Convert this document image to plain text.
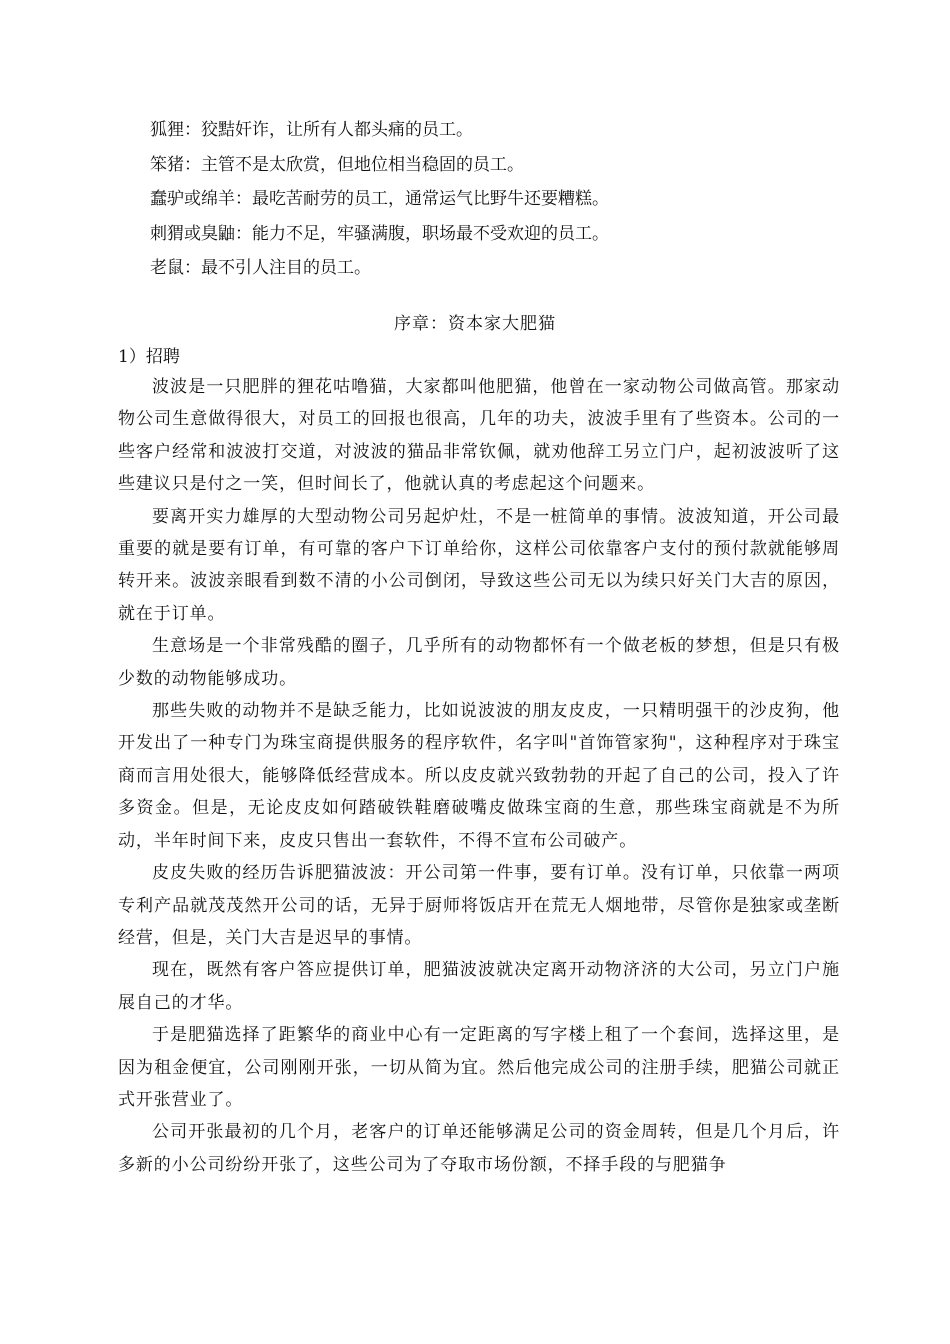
狐狸：狡黠奸诈，让所有人都头痛的员工。
笨猪：主管不是太欣赏，但地位相当稳固的员工。
蠢驴或绵羊：最吃苦耐劳的员工，通常运气比野牛还要糟糕。
刺猬或臭鼬：能力不足，牢骚满腹，职场最不受欢迎的员工。
老鼠：最不引人注目的员工。
序章：资本家大肥猫
1）招聘

波波是一只肥胖的狸花咕噜猫，大家都叫他肥猫，他曾在一家动物公司做高管。那家动物公司生意做得很大，对员工的回报也很高，几年的功夫，波波手里有了些资本。公司的一些客户经常和波波打交道，对波波的猫品非常钦佩，就劝他辞工另立门户，起初波波听了这些建议只是付之一笑，但时间长了，他就认真的考虑起这个问题来。

要离开实力雄厚的大型动物公司另起炉灶，不是一桩简单的事情。波波知道，开公司最重要的就是要有订单，有可靠的客户下订单给你，这样公司依靠客户支付的预付款就能够周转开来。波波亲眼看到数不清的小公司倒闭，导致这些公司无以为续只好关门大吉的原因，就在于订单。

生意场是一个非常残酷的圈子，几乎所有的动物都怀有一个做老板的梦想，但是只有极少数的动物能够成功。

那些失败的动物并不是缺乏能力，比如说波波的朋友皮皮，一只精明强干的沙皮狗，他开发出了一种专门为珠宝商提供服务的程序软件，名字叫"首饰管家狗"，这种程序对于珠宝商而言用处很大，能够降低经营成本。所以皮皮就兴致勃勃的开起了自己的公司，投入了许多资金。但是，无论皮皮如何踏破铁鞋磨破嘴皮做珠宝商的生意，那些珠宝商就是不为所动，半年时间下来，皮皮只售出一套软件，不得不宣布公司破产。

皮皮失败的经历告诉肥猫波波：开公司第一件事，要有订单。没有订单，只依靠一两项专利产品就茂茂然开公司的话，无异于厨师将饭店开在荒无人烟地带，尽管你是独家或垄断经营，但是，关门大吉是迟早的事情。

现在，既然有客户答应提供订单，肥猫波波就决定离开动物济济的大公司，另立门户施展自己的才华。

于是肥猫选择了距繁华的商业中心有一定距离的写字楼上租了一个套间，选择这里，是因为租金便宜，公司刚刚开张，一切从简为宜。然后他完成公司的注册手续，肥猫公司就正式开张营业了。

公司开张最初的几个月，老客户的订单还能够满足公司的资金周转，但是几个月后，许多新的小公司纷纷开张了，这些公司为了夺取市场份额，不择手段的与肥猫争
